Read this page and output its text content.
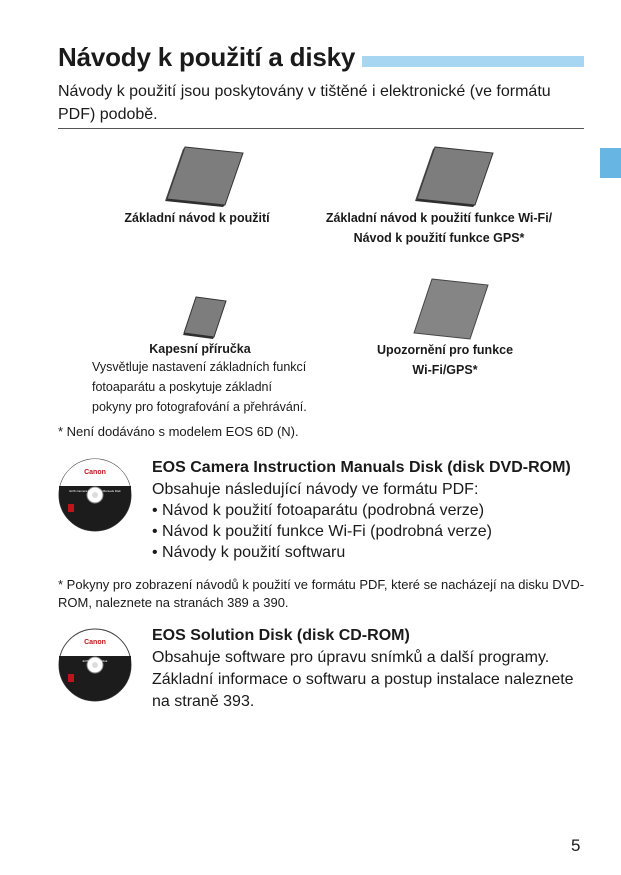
Návody k použití a disky
Návody k použití jsou poskytovány v tištěné i elektronické (ve formátu PDF) podobě.
Základní návod k použití	Základní návod k použití funkce Wi-Fi/
Návod k použití funkce GPS*
Kapesní příručka
Vysvětluje nastavení základních funkcí
fotoaparátu a poskytuje základní
pokyny pro fotografování a přehrávání.
Upozornění pro funkce
Wi-Fi/GPS*
* Není dodáváno s modelem EOS 6D (N).
Canon
EOS Camera Instruction Manuals Disk
EOS Camera Instruction Manuals Disk (disk DVD-ROM)
Obsahuje následující návody ve formátu PDF:
• Návod k použití fotoaparátu (podrobná verze)
• Návod k použití funkce Wi-Fi (podrobná verze)
• Návody k použití softwaru
* Pokyny pro zobrazení návodů k použití ve formátu PDF, které se nacházejí na disku DVD-ROM, naleznete na stranách 389 a 390.
Canon
EOS Solution Disk
EOS Solution Disk (disk CD-ROM)
Obsahuje software pro úpravu snímků a další programy. Základní informace o softwaru a postup instalace naleznete na straně 393.
5
